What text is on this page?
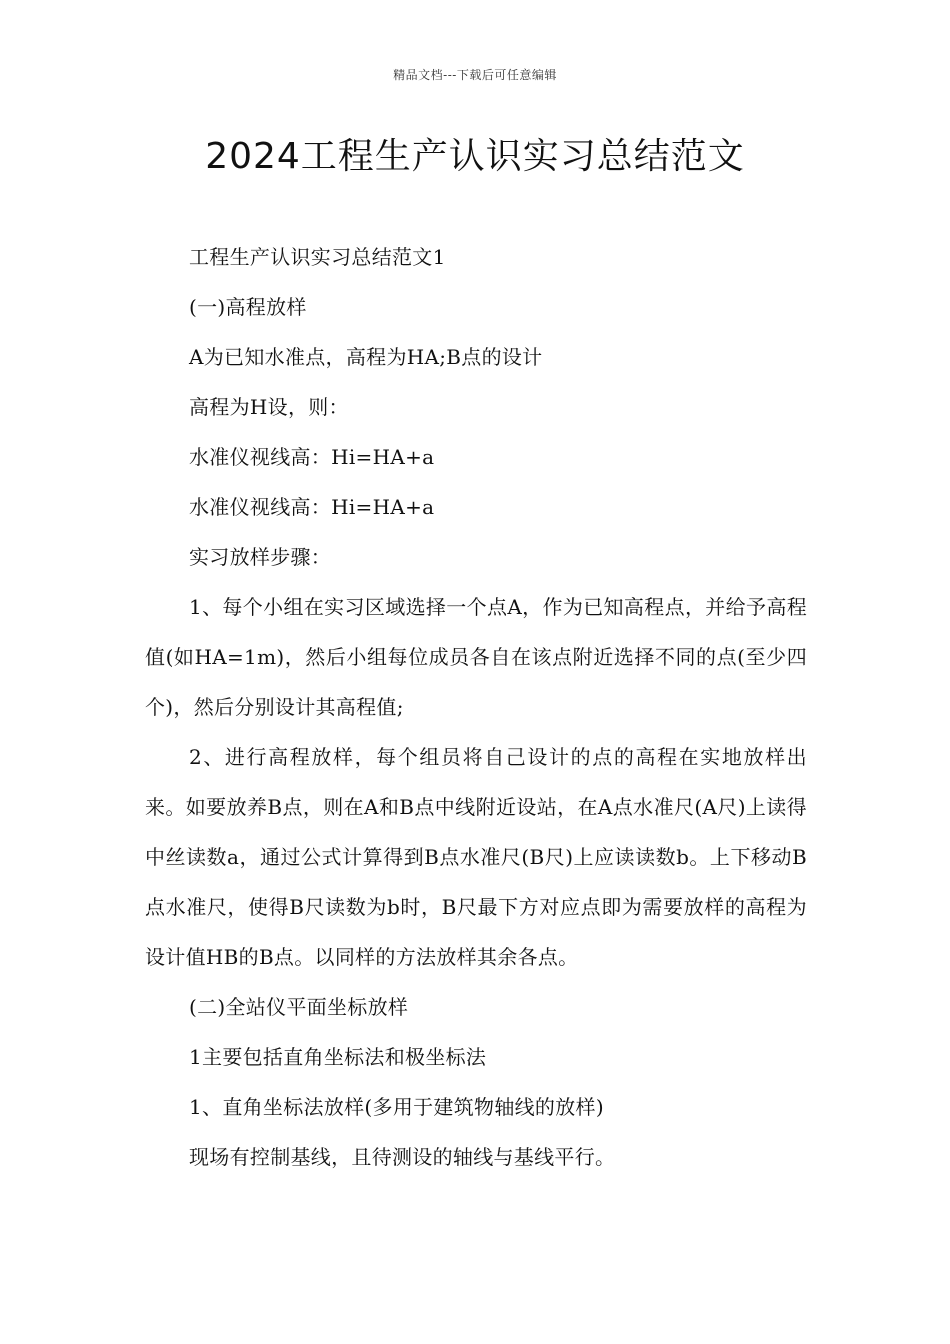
精品文档---下载后可任意编辑
2024工程生产认识实习总结范文

工程生产认识实习总结范文1

(一)高程放样

A为已知水准点，高程为HA;B点的设计

高程为H设，则：

水准仪视线高：Hi=HA+a

水准仪视线高：Hi=HA+a

实习放样步骤：

1、每个小组在实习区域选择一个点A，作为已知高程点，并给予高程值(如HA=1m)，然后小组每位成员各自在该点附近选择不同的点(至少四个)，然后分别设计其高程值;

2、进行高程放样，每个组员将自己设计的点的高程在实地放样出来。如要放养B点，则在A和B点中线附近设站，在A点水准尺(A尺)上读得中丝读数a，通过公式计算得到B点水准尺(B尺)上应读读数b。上下移动B点水准尺，使得B尺读数为b时，B尺最下方对应点即为需要放样的高程为设计值HB的B点。以同样的方法放样其余各点。

(二)全站仪平面坐标放样

1主要包括直角坐标法和极坐标法

1、直角坐标法放样(多用于建筑物轴线的放样)

现场有控制基线，且待测设的轴线与基线平行。
